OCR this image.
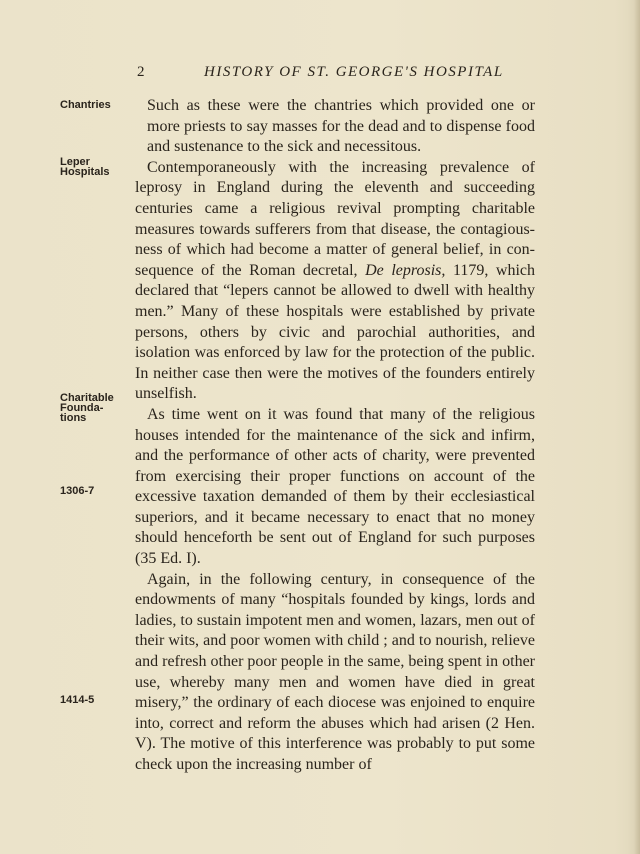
2	HISTORY OF ST. GEORGE'S HOSPITAL
Chantries
Leper
Hospitals
Charitable
Founda-
tions
1306-7
1414-5

Such as these were the chantries which provided one or more priests to say masses for the dead and to dispense food and sustenance to the sick and necessitous.

Contemporaneously with the increasing prevalence of leprosy in England during the eleventh and succeeding centuries came a religious revival prompting charitable measures towards sufferers from that disease, the contagiousness of which had become a matter of general belief, in consequence of the Roman decretal, De leprosis, 1179, which declared that “lepers cannot be allowed to dwell with healthy men.” Many of these hospitals were established by private persons, others by civic and parochial authorities, and isolation was enforced by law for the protection of the public. In neither case then were the motives of the founders entirely unselfish.

As time went on it was found that many of the religious houses intended for the maintenance of the sick and infirm, and the performance of other acts of charity, were prevented from exercising their proper functions on account of the excessive taxation demanded of them by their ecclesiastical superiors, and it became necessary to enact that no money should henceforth be sent out of England for such purposes (35 Ed. I).

Again, in the following century, in consequence of the endowments of many “hospitals founded by kings, lords and ladies, to sustain impotent men and women, lazars, men out of their wits, and poor women with child ; and to nourish, relieve and refresh other poor people in the same, being spent in other use, whereby many men and women have died in great misery,” the ordinary of each diocese was enjoined to enquire into, correct and reform the abuses which had arisen (2 Hen. V). The motive of this interference was probably to put some check upon the increasing number of
